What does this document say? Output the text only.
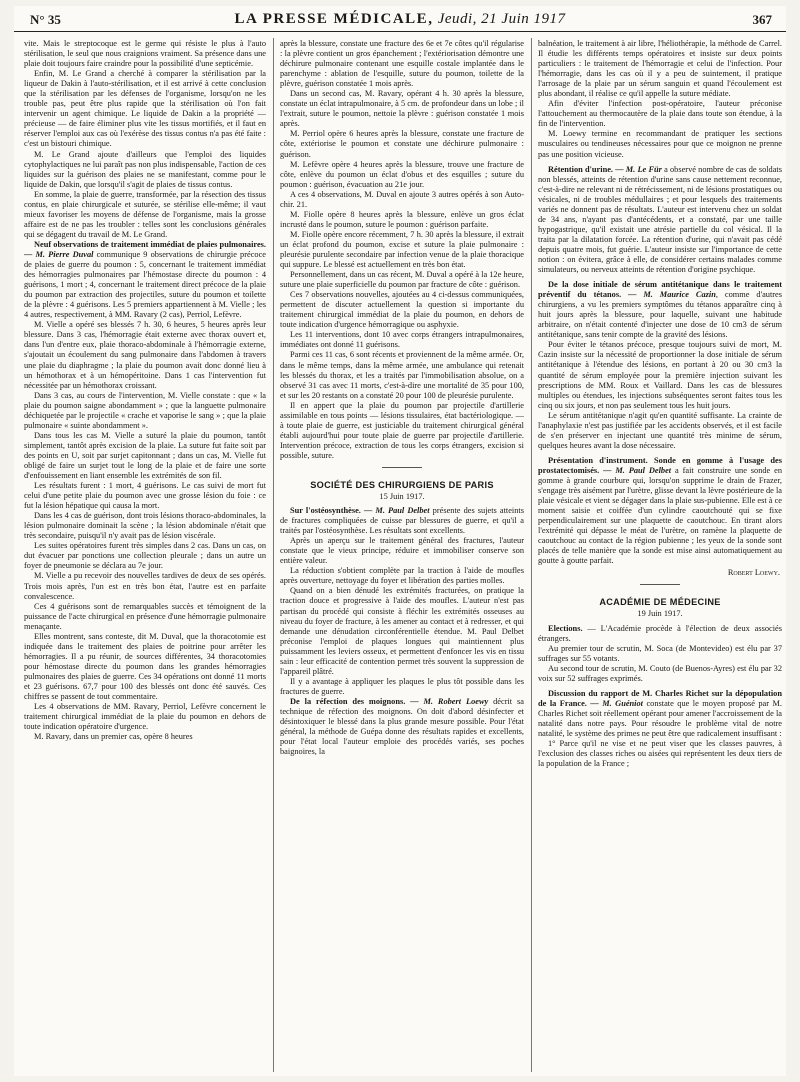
N° 35	LA PRESSE MÉDICALE, Jeudi, 21 Juin 1917	367

vite. Mais le streptocoque est le germe qui résiste le plus à l'auto stérilisation, le seul que nous craignions vraiment. Sa présence dans une plaie doit toujours faire craindre pour la possibilité d'une septicémie.

Enfin, M. Le Grand a cherché à comparer la stérilisation par la liqueur de Dakin à l'auto-stérilisation, et il est arrivé à cette conclusion que la stérilisation par les défenses de l'organisme, lorsqu'on ne les trouble pas, peut être plus rapide que la stérilisation où l'on fait intervenir un agent chimique. Le liquide de Dakin a la propriété — précieuse — de faire éliminer plus vite les tissus mortifiés, et il faut en réserver l'emploi aux cas où l'exérèse des tissus contus n'a pas été faite : c'est un bistouri chimique.

M. Le Grand ajoute d'ailleurs que l'emploi des liquides cytophylactiques ne lui paraît pas non plus indispensable, l'action de ces liquides sur la guérison des plaies ne se manifestant, comme pour le liquide de Dakin, que lorsqu'il s'agit de plaies de tissus contus.

En somme, la plaie de guerre, transformée, par la résection des tissus contus, en plaie chirurgicale et suturée, se stérilise elle-même; il vaut mieux favoriser les moyens de défense de l'organisme, mais la grosse affaire est de ne pas les troubler : telles sont les conclusions générales qui se dégagent du travail de M. Le Grand.

Neuf observations de traitement immédiat de plaies pulmonaires. — M. Pierre Duval communique 9 observations de chirurgie précoce de plaies de guerre du poumon : 5, concernant le traitement immédiat des hémorragies pulmonaires par l'hémostase directe du poumon : 4 guérisons, 1 mort ; 4, concernant le traitement direct précoce de la plaie du poumon par extraction des projectiles, suture du poumon et toilette de la plèvre : 4 guérisons. Les 5 premiers appartiennent à M. Vielle ; les 4 autres, respectivement, à MM. Ravary (2 cas), Perriol, Lefèvre.

M. Vielle a opéré ses blessés 7 h. 30, 6 heures, 5 heures après leur blessure. Dans 3 cas, l'hémorragie était externe avec thorax ouvert et, dans l'un d'entre eux, plaie thoraco-abdominale à l'hémorragie externe, s'ajoutait un écoulement du sang pulmonaire dans l'abdomen à travers une plaie du diaphragme ; la plaie du poumon avait donc donné lieu à un hémothorax et à un hémopéritoine. Dans 1 cas l'intervention fut nécessitée par un hémothorax croissant.

Dans 3 cas, au cours de l'intervention, M. Vielle constate : que « la plaie du poumon saigne abondamment » ; que la languette pulmonaire déchiquetée par le projectile « crache et vaporise le sang » ; que la plaie pulmonaire « suinte abondamment ».

Dans tous les cas M. Vielle a suturé la plaie du poumon, tantôt simplement, tantôt après excision de la plaie. La suture fut faite soit par des points en U, soit par surjet capitonnant ; dans un cas, M. Vielle fut obligé de faire un surjet tout le long de la plaie et de faire une sorte d'enfouissement en liant ensemble les extrémités de son fil.

Les résultats furent : 1 mort, 4 guérisons. Le cas suivi de mort fut celui d'une petite plaie du poumon avec une grosse lésion du foie : ce fut la lésion hépatique qui causa la mort.

Dans les 4 cas de guérison, dont trois lésions thoraco-abdominales, la lésion pulmonaire dominait la scène ; la lésion abdominale n'était que très secondaire, puisqu'il n'y avait pas de lésion viscérale.

Les suites opératoires furent très simples dans 2 cas. Dans un cas, on dut évacuer par ponctions une collection pleurale ; dans un autre un foyer de pneumonie se déclara au 7e jour.

M. Vielle a pu recevoir des nouvelles tardives de deux de ses opérés. Trois mois après, l'un est en très bon état, l'autre est en parfaite convalescence.

Ces 4 guérisons sont de remarquables succès et témoignent de la puissance de l'acte chirurgical en présence d'une hémorragie pulmonaire menaçante.

Elles montrent, sans conteste, dit M. Duval, que la thoracotomie est indiquée dans le traitement des plaies de poitrine pour arrêter les hémorragies. Il a pu réunir, de sources différentes, 34 thoracotomies pour hémostase directe du poumon dans les grandes hémorragies pulmonaires des plaies de guerre. Ces 34 opérations ont donné 11 morts et 23 guérisons. 67,7 pour 100 des blessés ont donc été sauvés. Ces chiffres se passent de tout commentaire.

Les 4 observations de MM. Ravary, Perriol, Lefèvre concernent le traitement chirurgical immédiat de la plaie du poumon en dehors de toute indication opératoire d'urgence.

M. Ravary, dans un premier cas, opère 8 heures

après la blessure, constate une fracture des 6e et 7e côtes qu'il régularise : la plèvre contient un gros épanchement ; l'extériorisation démontre une déchirure pulmonaire contenant une esquille costale implantée dans le parenchyme : ablation de l'esquille, suture du poumon, toilette de la plèvre, guérison constatée 1 mois après.

Dans un second cas, M. Ravary, opérant 4 h. 30 après la blessure, constate un éclat intrapulmonaire, à 5 cm. de profondeur dans un lobe ; il l'extrait, suture le poumon, nettoie la plèvre : guérison constatée 1 mois après.

M. Perriol opère 6 heures après la blessure, constate une fracture de côte, extériorise le poumon et constate une déchirure pulmonaire : guérison.

M. Lefèvre opère 4 heures après la blessure, trouve une fracture de côte, enlève du poumon un éclat d'obus et des esquilles ; suture du poumon : guérison, évacuation au 21e jour.

A ces 4 observations, M. Duval en ajoute 3 autres opérés à son Auto-chir. 21.

M. Fiolle opère 8 heures après la blessure, enlève un gros éclat incrusté dans le poumon, suture le poumon : guérison parfaite.

M. Fiolle opère encore récemment, 7 h. 30 après la blessure, il extrait un éclat profond du poumon, excise et suture la plaie pulmonaire : pleurésie purulente secondaire par infection venue de la plaie thoracique qui suppure. Le blessé est actuellement en très bon état.

Personnellement, dans un cas récent, M. Duval a opéré à la 12e heure, suture une plaie superficielle du poumon par fracture de côte : guérison.

Ces 7 observations nouvelles, ajoutées au 4 ci-dessus communiquées, permettent de discuter actuellement la question si importante du traitement chirurgical immédiat de la plaie du poumon, en dehors de toute indication d'urgence hémorragique ou asphyxie.

Les 11 interventions, dont 10 avec corps étrangers intrapulmonaires, immédiates ont donné 11 guérisons.

Parmi ces 11 cas, 6 sont récents et proviennent de la même armée. Or, dans le même temps, dans la même armée, une ambulance qui retenait les blessés du thorax, et les a traités par l'immobilisation absolue, on a observé 31 cas avec 11 morts, c'est-à-dire une mortalité de 35 pour 100, et sur les 20 restants on a constaté 20 pour 100 de pleurésie purulente.

Il en appert que la plaie du poumon par projectile d'artillerie assimilable en tous points — lésions tissulaires, état bactériologique. — à toute plaie de guerre, est justiciable du traitement chirurgical général établi aujourd'hui pour toute plaie de guerre par projectile d'artillerie. Intervention précoce, extraction de tous les corps étrangers, excision si possible, suture.

SOCIÉTÉ DES CHIRURGIENS DE PARIS
15 Juin 1917.

Sur l'ostéosynthèse. — M. Paul Delbet présente des sujets atteints de fractures compliquées de cuisse par blessures de guerre, et qu'il a traités par l'ostéosynthèse. Les résultats sont excellents.

Après un aperçu sur le traitement général des fractures, l'auteur constate que le vieux principe, réduire et immobiliser conserve son entière valeur.

La réduction s'obtient complète par la traction à l'aide de moufles après ouverture, nettoyage du foyer et libération des parties molles.

Quand on a bien dénudé les extrémités fracturées, on pratique la traction douce et progressive à l'aide des moufles. L'auteur n'est pas partisan du procédé qui consiste à fléchir les extrémités osseuses au niveau du foyer de fracture, à les amener au contact et à redresser, et qui demande une dénudation circonférentielle étendue. M. Paul Delbet préconise l'emploi de plaques longues qui maintiennent plus puissamment les leviers osseux, et permettent d'enfoncer les vis en tissu sain : leur efficacité de contention permet très souvent la suppression de l'appareil plâtré.

Il y a avantage à appliquer les plaques le plus tôt possible dans les fractures de guerre.

De la réfection des moignons. — M. Robert Loewy décrit sa technique de réfection des moignons. On doit d'abord désinfecter et désintoxiquer le blessé dans la plus grande mesure possible. Pour l'état général, la méthode de Guépa donne des résultats rapides et excellents, pour l'état local l'auteur emploie des procédés variés, ses poches baignoires, la

balnéation, le traitement à air libre, l'héliothérapie, la méthode de Carrel. Il étudie les différents temps opératoires et insiste sur deux points particuliers : le traitement de l'hémorragie et celui de l'infection. Pour l'hémorragie, dans les cas où il y a peu de suintement, il pratique l'arrosage de la plaie par un sérum sanguin et quand l'écoulement est plus abondant, il réalise ce qu'il appelle la suture médiate.

Afin d'éviter l'infection post-opératoire, l'auteur préconise l'attouchement au thermocautère de la plaie dans toute son étendue, à la fin de l'intervention.

M. Loewy termine en recommandant de pratiquer les sections musculaires ou tendineuses nécessaires pour que ce moignon ne prenne pas une position vicieuse.

Rétention d'urine. — M. Le Für a observé nombre de cas de soldats non blessés, atteints de rétention d'urine sans cause nettement reconnue, c'est-à-dire ne relevant ni de rétrécissement, ni de lésions prostatiques ou vésicales, ni de troubles médullaires ; et pour lesquels des traitements variés ne donnent pas de résultats. L'auteur est intervenu chez un soldat de 34 ans, n'ayant pas d'antécédents, et a constaté, par une taille hypogastrique, qu'il existait une atrésie partielle du col vésical. Il la traita par la dilatation forcée. La rétention d'urine, qui n'avait pas cédé depuis quatre mois, fut guérie. L'auteur insiste sur l'importance de cette notion : on évitera, grâce à elle, de considérer certains malades comme simulateurs, ou nerveux atteints de rétention d'origine psychique.

De la dose initiale de sérum antitétanique dans le traitement préventif du tétanos. — M. Maurice Cazin, comme d'autres chirurgiens, a vu les premiers symptômes du tétanos apparaître cinq à huit jours après la blessure, pour laquelle, suivant une habitude arbitraire, on n'était contenté d'injecter une dose de 10 cm3 de sérum antitétanique, sans tenir compte de la gravité des lésions.

Pour éviter le tétanos précoce, presque toujours suivi de mort, M. Cazin insiste sur la nécessité de proportionner la dose initiale de sérum antitétanique à l'étendue des lésions, en portant à 20 ou 30 cm3 la quantité de sérum employée pour la première injection suivant les prescriptions de MM. Roux et Vaillard. Dans les cas de blessures multiples ou étendues, les injections subséquentes seront faites tous les cinq ou six jours, et non pas seulement tous les huit jours.

Le sérum antitétanique n'agit qu'en quantité suffisante. La crainte de l'anaphylaxie n'est pas justifiée par les accidents observés, et il est facile de s'en préserver en injectant une quantité très minime de sérum, quelques heures avant la dose nécessaire.

Présentation d'instrument. Sonde en gomme à l'usage des prostatectomisés. — M. Paul Delbet a fait construire une sonde en gomme à grande courbure qui, lorsqu'on supprime le drain de Frazer, s'engage très aisément par l'urètre, glisse devant la lèvre postérieure de la plaie vésicale et vient se dégager dans la plaie sus-pubienne. Elle est à ce moment saisie et coiffée d'un cylindre caoutchouté qui se fixe perpendiculairement sur une plaquette de caoutchouc. En tirant alors l'extrémité qui dépasse le méat de l'urètre, on ramène la plaquette de caoutchouc au contact de la région pubienne ; les yeux de la sonde sont placés de telle manière que la sonde est mise ainsi automatiquement au goutte à goutte parfait.

Robert Loewy.
ACADÉMIE DE MÉDECINE
19 Juin 1917.

Elections. — L'Académie procède à l'élection de deux associés étrangers.

Au premier tour de scrutin, M. Soca (de Montevideo) est élu par 37 suffrages sur 55 votants.

Au second tour de scrutin, M. Couto (de Buenos-Ayres) est élu par 32 voix sur 52 suffrages exprimés.

Discussion du rapport de M. Charles Richet sur la dépopulation de la France. — M. Guéniot constate que le moyen proposé par M. Charles Richet soit réellement opérant pour amener l'accroissement de la natalité dans notre pays. Pour résoudre le problème vital de notre natalité, le système des primes ne peut être que radicalement insuffisant :

1° Parce qu'il ne vise et ne peut viser que les classes pauvres, à l'exclusion des classes riches ou aisées qui représentent les deux tiers de la population de la France ;
